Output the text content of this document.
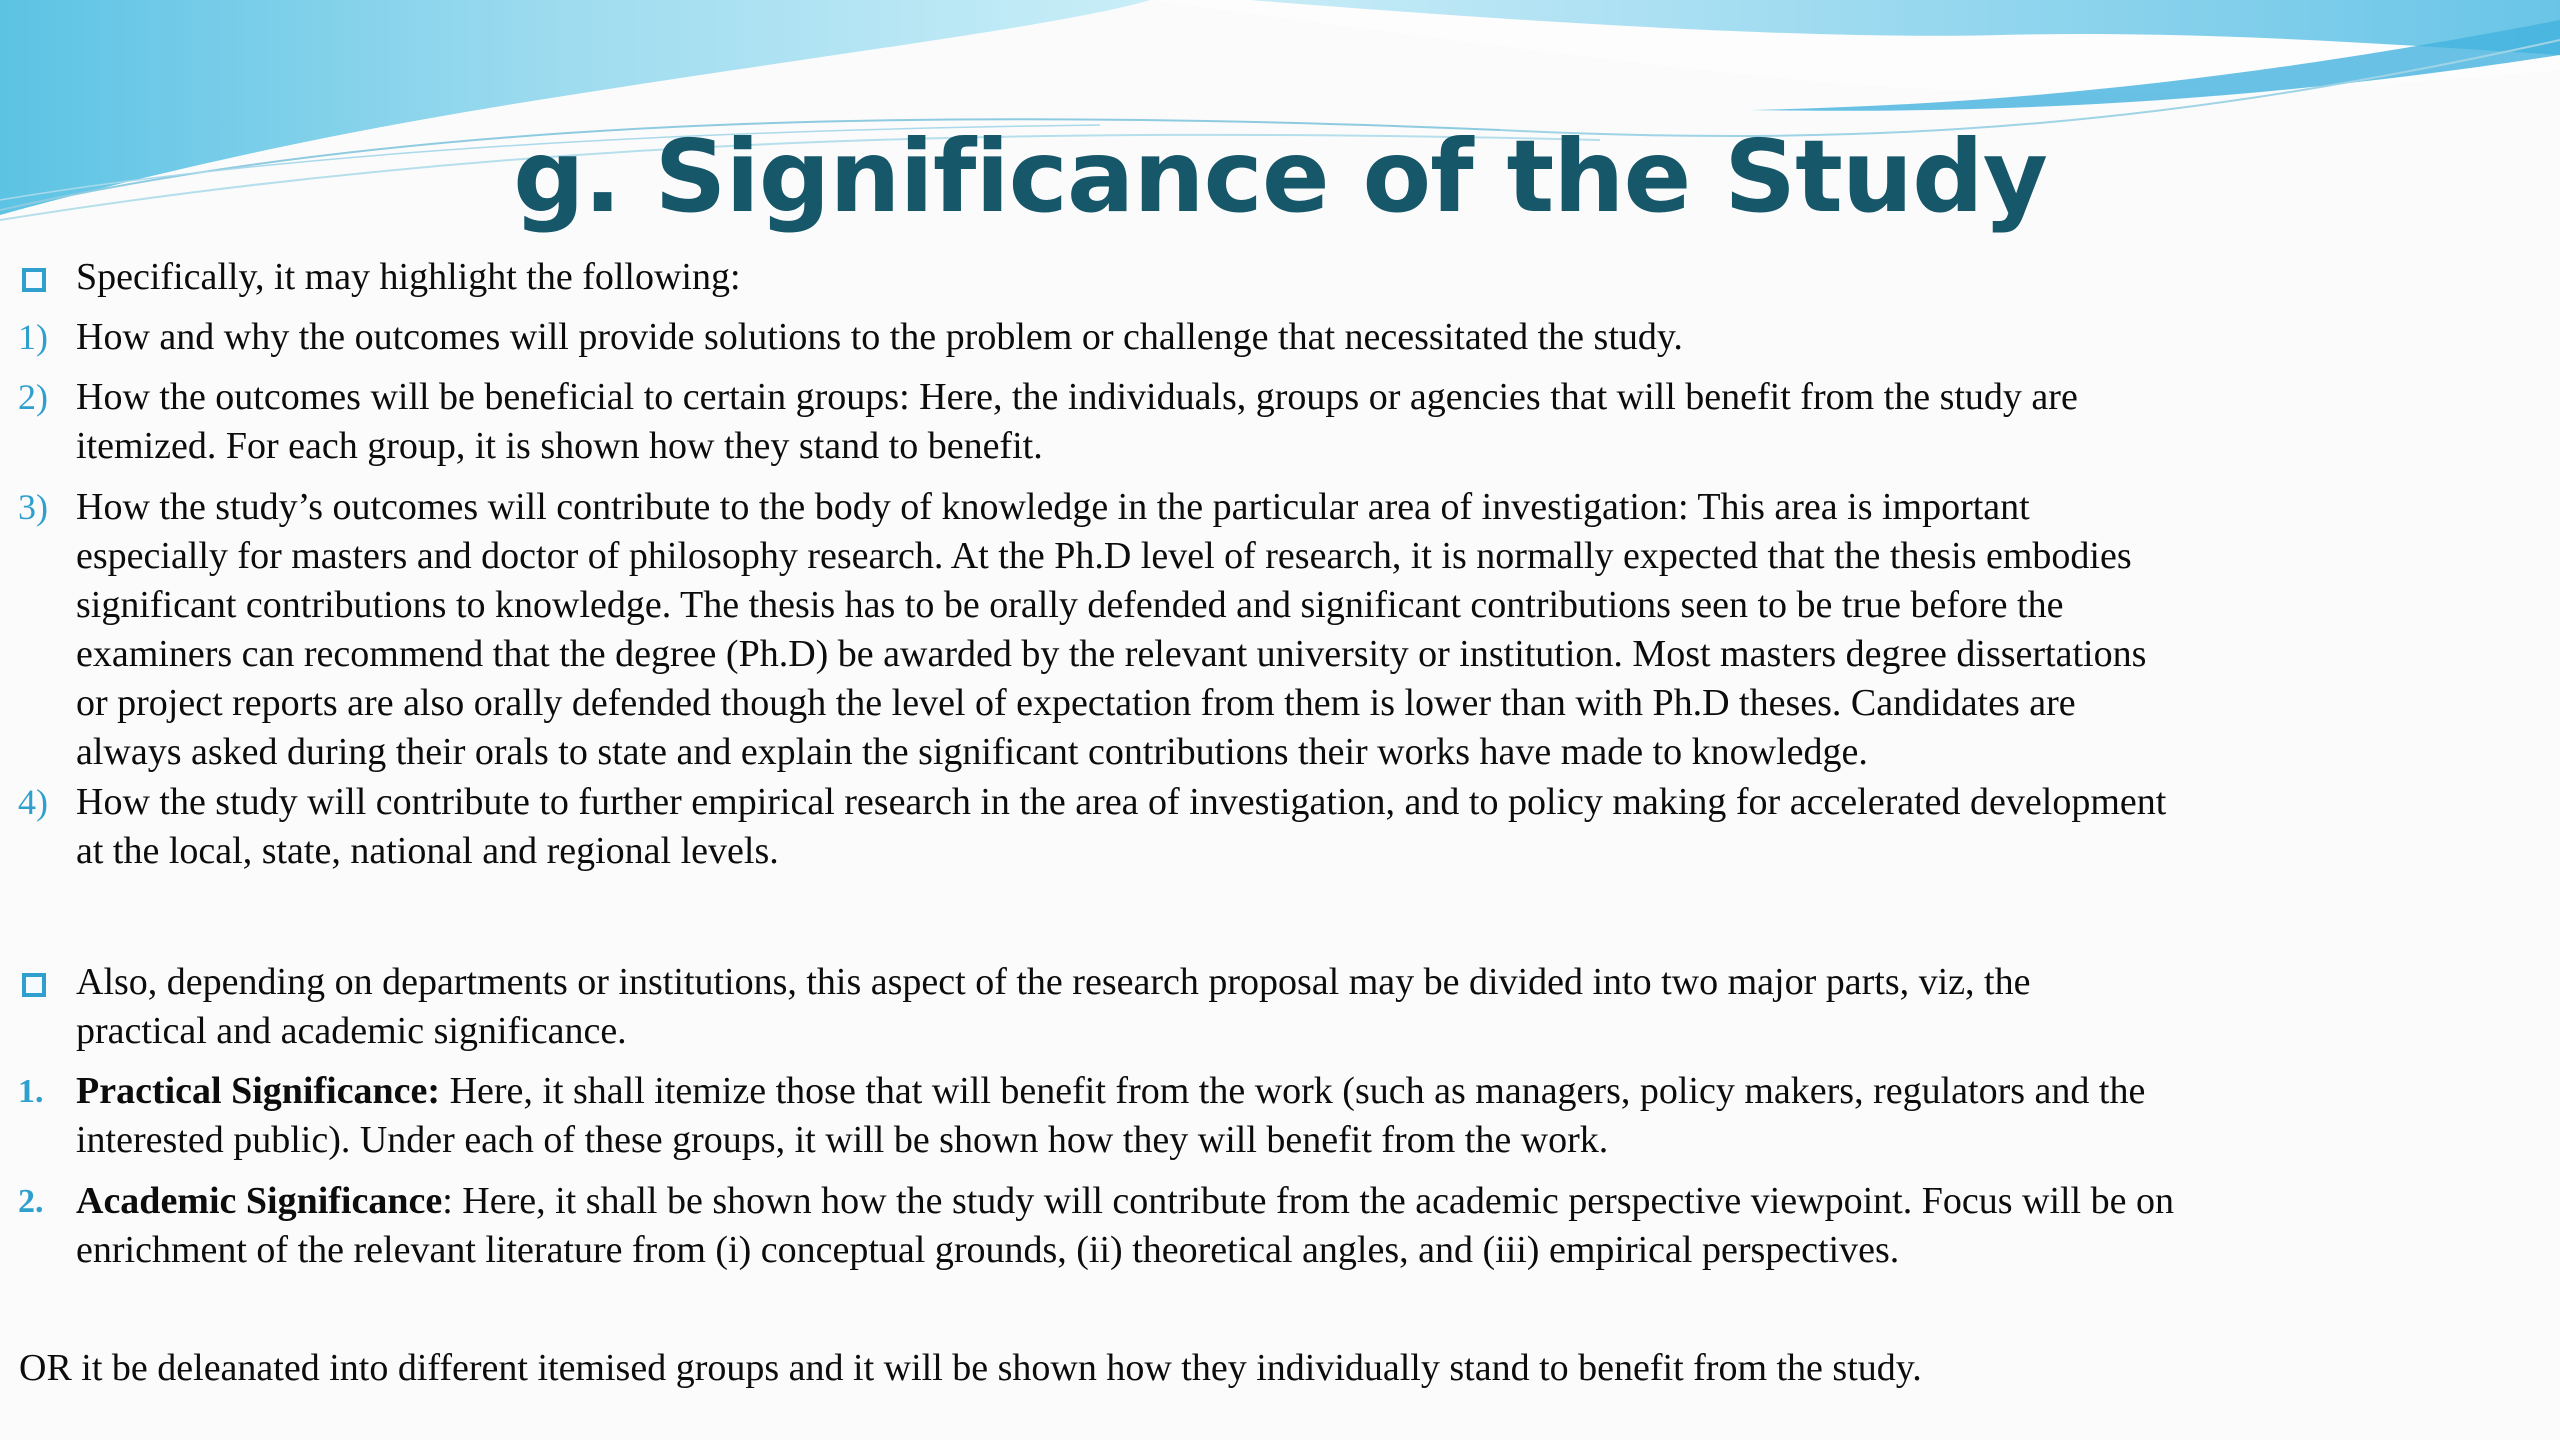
g. Significance of the Study
Specifically, it may highlight the following:
1) How and why the outcomes will provide solutions to the problem or challenge that necessitated the study.
2) How the outcomes will be beneficial to certain groups: Here, the individuals, groups or agencies that will benefit from the study are
itemized. For each group, it is shown how they stand to benefit.
3) How the study’s outcomes will contribute to the body of knowledge in the particular area of investigation: This area is important
especially for masters and doctor of philosophy research. At the Ph.D level of research, it is normally expected that the thesis embodies
significant contributions to knowledge. The thesis has to be orally defended and significant contributions seen to be true before the
examiners can recommend that the degree (Ph.D) be awarded by the relevant university or institution. Most masters degree dissertations
or project reports are also orally defended though the level of expectation from them is lower than with Ph.D theses. Candidates are
always asked during their orals to state and explain the significant contributions their works have made to knowledge.
4) How the study will contribute to further empirical research in the area of investigation, and to policy making for accelerated development
at the local, state, national and regional levels.
Also, depending on departments or institutions, this aspect of the research proposal may be divided into two major parts, viz, the
practical and academic significance.
1. Practical Significance: Here, it shall itemize those that will benefit from the work (such as managers, policy makers, regulators and the
interested public). Under each of these groups, it will be shown how they will benefit from the work.
2. Academic Significance: Here, it shall be shown how the study will contribute from the academic perspective viewpoint. Focus will be on
enrichment of the relevant literature from (i) conceptual grounds, (ii) theoretical angles, and (iii) empirical perspectives.
OR it be deleanated into different itemised groups and it will be shown how they individually stand to benefit from the study.
